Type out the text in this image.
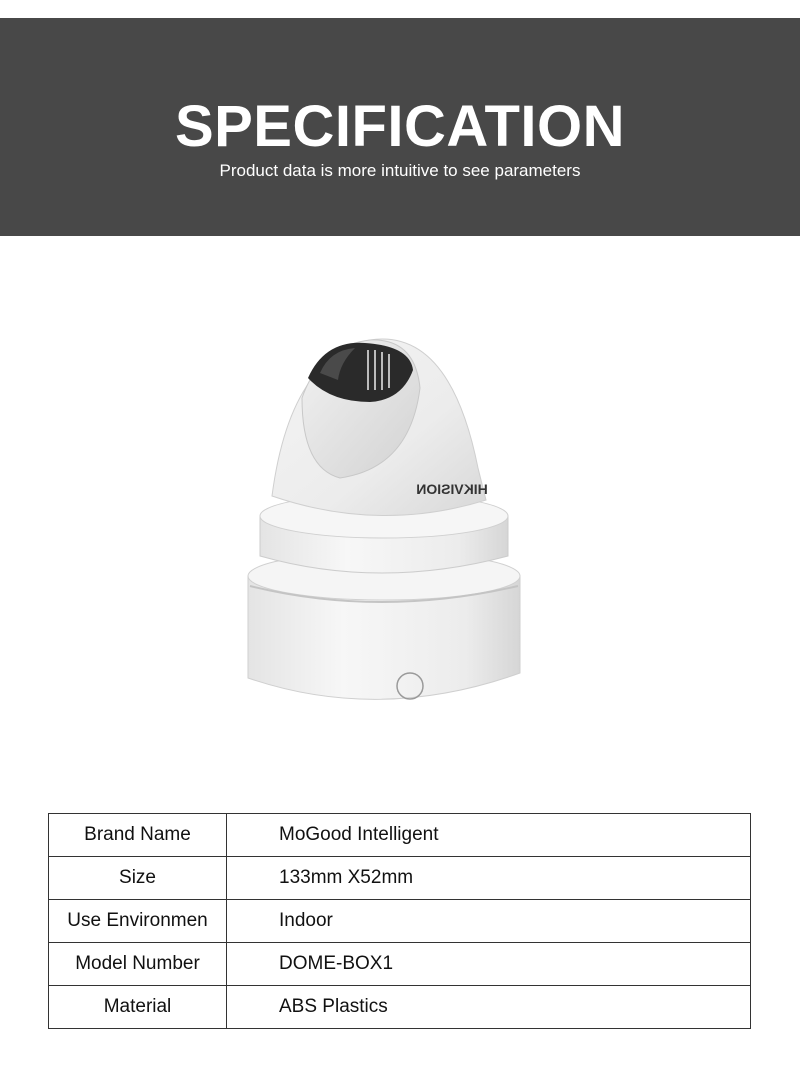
SPECIFICATION

Product data is more intuitive to see parameters

HIKVISION
Brand Name	MoGood Intelligent
Size	133mm X52mm
Use Environmen	Indoor
Model Number	DOME-BOX1
Material	ABS Plastics
